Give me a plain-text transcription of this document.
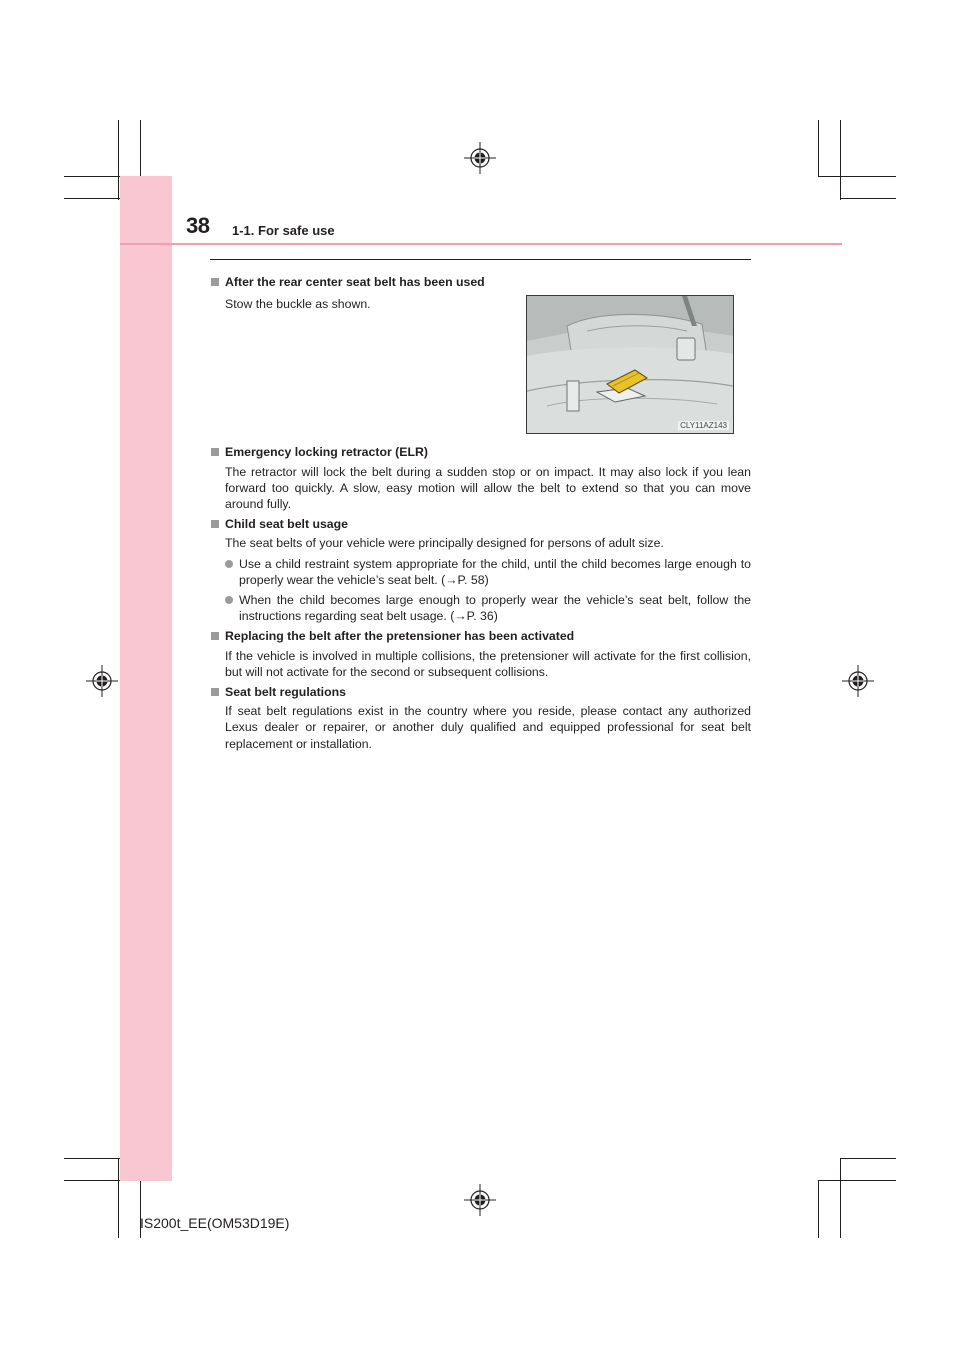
38 1-1. For safe use
CLY11AZ143
After the rear center seat belt has been used
Stow the buckle as shown.
Emergency locking retractor (ELR)
The retractor will lock the belt during a sudden stop or on impact. It may also lock if you lean forward too quickly. A slow, easy motion will allow the belt to extend so that you can move around fully.
Child seat belt usage
The seat belts of your vehicle were principally designed for persons of adult size.
Use a child restraint system appropriate for the child, until the child becomes large enough to properly wear the vehicle’s seat belt. (→P. 58)
When the child becomes large enough to properly wear the vehicle’s seat belt, follow the instructions regarding seat belt usage. (→P. 36)
Replacing the belt after the pretensioner has been activated
If the vehicle is involved in multiple collisions, the pretensioner will activate for the first collision, but will not activate for the second or subsequent collisions.
Seat belt regulations
If seat belt regulations exist in the country where you reside, please contact any authorized Lexus dealer or repairer, or another duly qualified and equipped professional for seat belt replacement or installation.
IS200t_EE(OM53D19E)
